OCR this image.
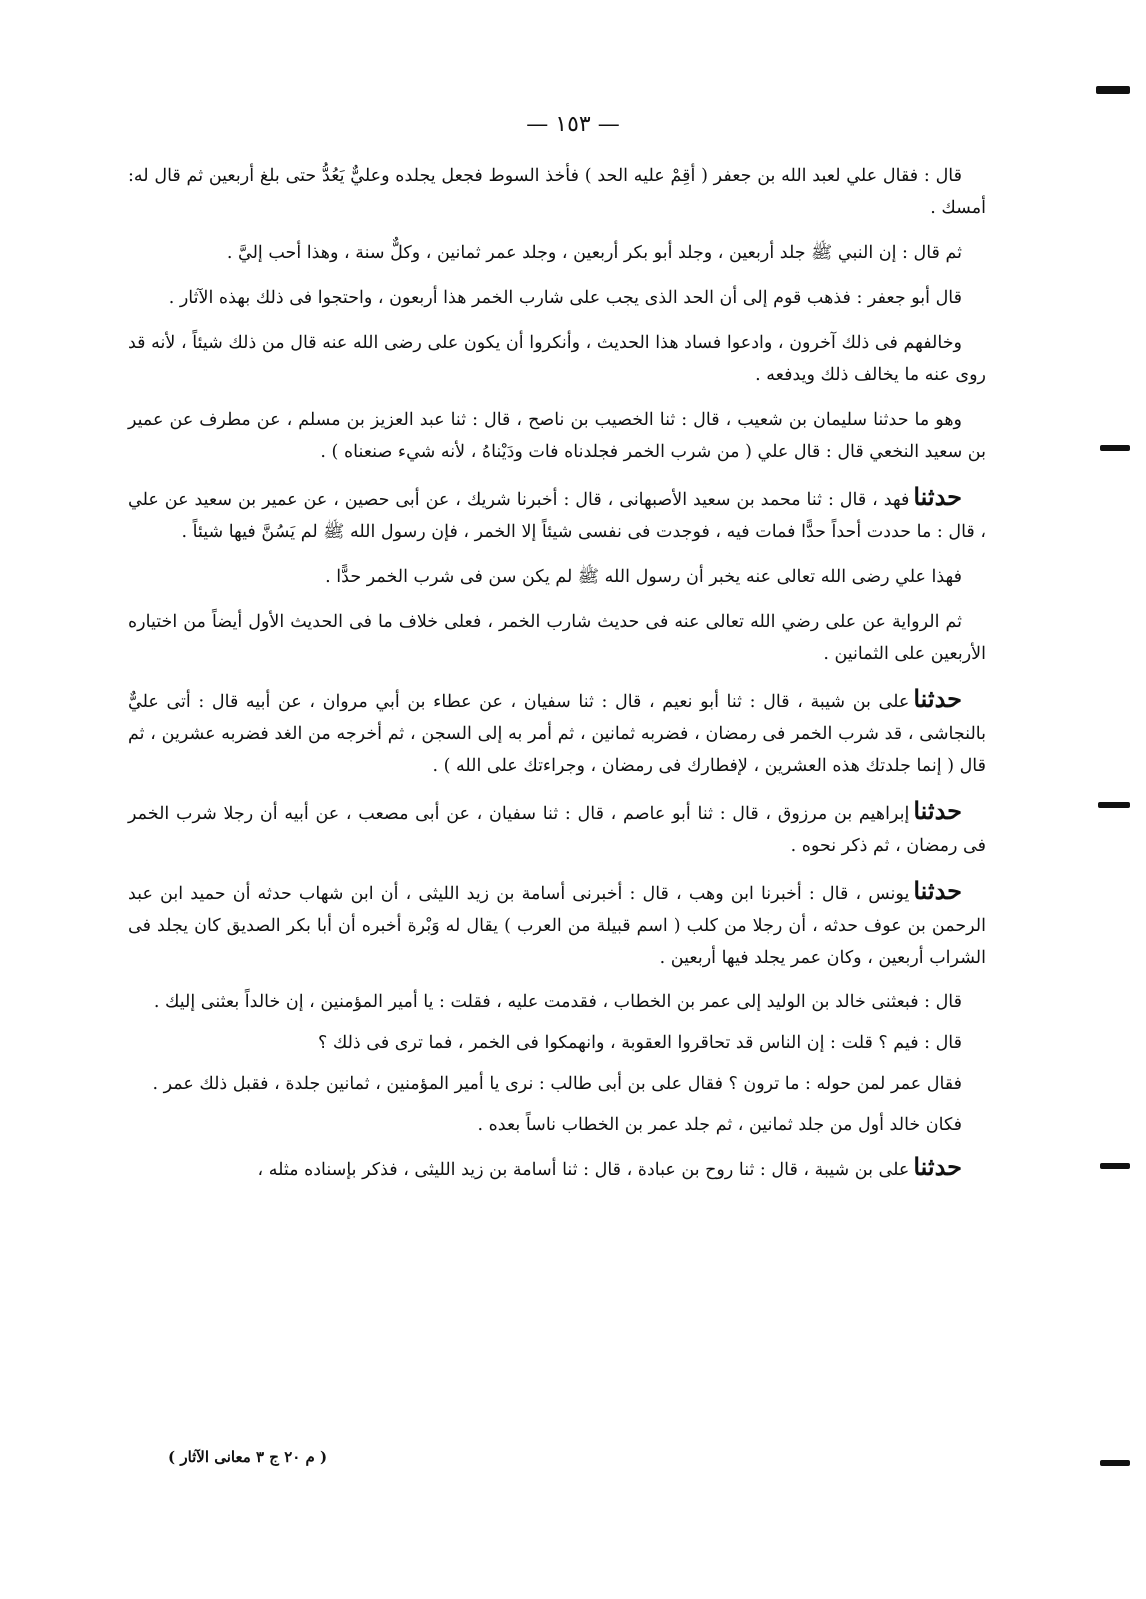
— ١٥٣ —

قال : فقال علي لعبد الله بن جعفر ( أقِمْ عليه الحد ) فأخذ السوط فجعل يجلده وعليٌّ يَعُدُّ حتى بلغ أربعين ثم قال له: أمسك .

ثم قال : إن النبي ﷺ جلد أربعين ، وجلد أبو بكر أربعين ، وجلد عمر ثمانين ، وكلٌّ سنة ، وهذا أحب إليَّ .

قال أبو جعفر : فذهب قوم إلى أن الحد الذى يجب على شارب الخمر هذا أربعون ، واحتجوا فى ذلك بهذه الآثار .

وخالفهم فى ذلك آخرون ، وادعوا فساد هذا الحديث ، وأنكروا أن يكون على رضى الله عنه قال من ذلك شيئاً ، لأنه قد روى عنه ما يخالف ذلك ويدفعه .

وهو ما حدثنا سليمان بن شعيب ، قال : ثنا الخصيب بن ناصح ، قال : ثنا عبد العزيز بن مسلم ، عن مطرف عن عمير بن سعيد النخعي قال : قال علي ( من شرب الخمر فجلدناه فات ودَيْناهُ ، لأنه شيء صنعناه ) .

حدثنافهد ، قال : ثنا محمد بن سعيد الأصبهانى ، قال : أخبرنا شريك ، عن أبى حصين ، عن عمير بن سعيد عن علي ، قال : ما حددت أحداً حدًّا فمات فيه ، فوجدت فى نفسى شيئاً إلا الخمر ، فإن رسول الله ﷺ لم يَسُنَّ فيها شيئاً .

فهذا علي رضى الله تعالى عنه يخبر أن رسول الله ﷺ لم يكن سن فى شرب الخمر حدًّا .

ثم الرواية عن على رضي الله تعالى عنه فى حديث شارب الخمر ، فعلى خلاف ما فى الحديث الأول أيضاً من اختياره الأربعين على الثمانين .

حدثناعلى بن شيبة ، قال : ثنا أبو نعيم ، قال : ثنا سفيان ، عن عطاء بن أبي مروان ، عن أبيه قال : أتى عليٌّ بالنجاشى ، قد شرب الخمر فى رمضان ، فضربه ثمانين ، ثم أمر به إلى السجن ، ثم أخرجه من الغد فضربه عشرين ، ثم قال ( إنما جلدتك هذه العشرين ، لإفطارك فى رمضان ، وجراءتك على الله ) .

حدثناإبراهيم بن مرزوق ، قال : ثنا أبو عاصم ، قال : ثنا سفيان ، عن أبى مصعب ، عن أبيه أن رجلا شرب الخمر فى رمضان ، ثم ذكر نحوه .

حدثنايونس ، قال : أخبرنا ابن وهب ، قال : أخبرنى أسامة بن زيد الليثى ، أن ابن شهاب حدثه أن حميد ابن عبد الرحمن بن عوف حدثه ، أن رجلا من كلب ( اسم قبيلة من العرب ) يقال له وَبْرة أخبره أن أبا بكر الصديق كان يجلد فى الشراب أربعين ، وكان عمر يجلد فيها أربعين .

قال : فبعثنى خالد بن الوليد إلى عمر بن الخطاب ، فقدمت عليه ، فقلت : يا أمير المؤمنين ، إن خالداً بعثنى إليك .

قال : فيم ؟ قلت : إن الناس قد تحاقروا العقوبة ، وانهمكوا فى الخمر ، فما ترى فى ذلك ؟

فقال عمر لمن حوله : ما ترون ؟ فقال على بن أبى طالب : نرى يا أمير المؤمنين ، ثمانين جلدة ، فقبل ذلك عمر .

فكان خالد أول من جلد ثمانين ، ثم جلد عمر بن الخطاب ناساً بعده .

حدثناعلى بن شيبة ، قال : ثنا روح بن عبادة ، قال : ثنا أسامة بن زيد الليثى ، فذكر بإسناده مثله ،

( م ٢٠ ج ٣ معانى الآثار )
